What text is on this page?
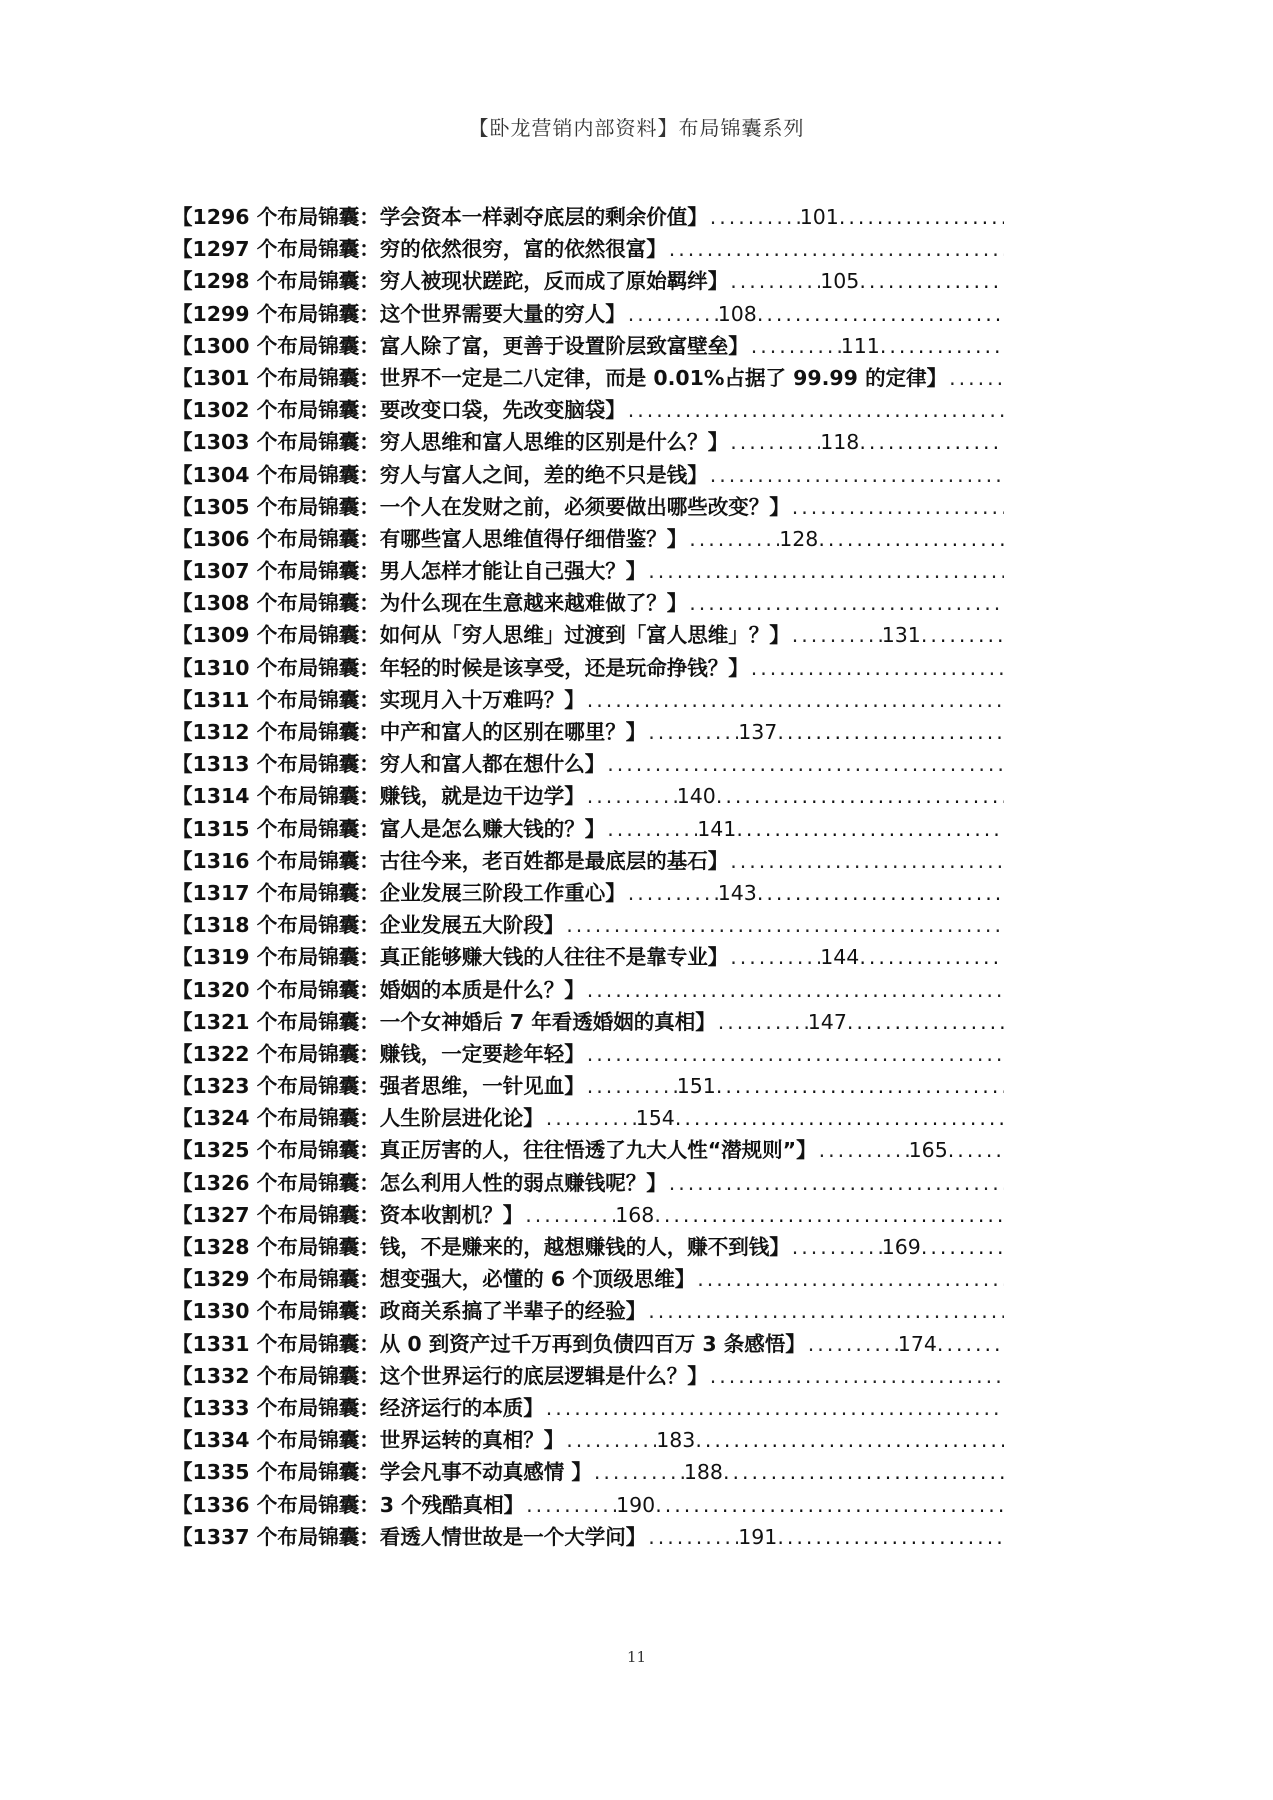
【卧龙营销内部资料】布局锦囊系列
【1296 个布局锦囊：学会资本一样剥夺底层的剩余价值】 .....	101
.....
【1297 个布局锦囊：穷的依然很穷，富的依然很富】
.....
【1298 个布局锦囊：穷人被现状蹉跎，反而成了原始羁绊】 .....	105
.....
【1299 个布局锦囊：这个世界需要大量的穷人】 .....	108
.....
【1300 个布局锦囊：富人除了富，更善于设置阶层致富壁垒】 .....	111
.....
【1301 个布局锦囊：世界不一定是二八定律，而是 0.01%占据了 99.99 的定律】
.....
【1302 个布局锦囊：要改变口袋，先改变脑袋】
.....
【1303 个布局锦囊：穷人思维和富人思维的区别是什么？】 .....	118
.....
【1304 个布局锦囊：穷人与富人之间，差的绝不只是钱】
.....
【1305 个布局锦囊：一个人在发财之前，必须要做出哪些改变？】
.....
【1306 个布局锦囊：有哪些富人思维值得仔细借鉴？】 .....	128
.....
【1307 个布局锦囊：男人怎样才能让自己强大？】
.....
【1308 个布局锦囊：为什么现在生意越来越难做了？】
.....
【1309 个布局锦囊：如何从「穷人思维」过渡到「富人思维」？】 .....	131
.....
【1310 个布局锦囊：年轻的时候是该享受，还是玩命挣钱？】
.....
【1311 个布局锦囊：实现月入十万难吗？】
.....
【1312 个布局锦囊：中产和富人的区别在哪里？】 .....	137
.....
【1313 个布局锦囊：穷人和富人都在想什么】
.....
【1314 个布局锦囊：赚钱，就是边干边学】 .....	140
.....
【1315 个布局锦囊：富人是怎么赚大钱的？】 .....	141
.....
【1316 个布局锦囊：古往今来，老百姓都是最底层的基石】
.....
【1317 个布局锦囊：企业发展三阶段工作重心】 .....	143
.....
【1318 个布局锦囊：企业发展五大阶段】
.....
【1319 个布局锦囊：真正能够赚大钱的人往往不是靠专业】 .....	144
.....
【1320 个布局锦囊：婚姻的本质是什么？】
.....
【1321 个布局锦囊：一个女神婚后 7 年看透婚姻的真相】 .....	147
.....
【1322 个布局锦囊：赚钱，一定要趁年轻】
.....
【1323 个布局锦囊：强者思维，一针见血】 .....	151
.....
【1324 个布局锦囊：人生阶层进化论】 .....	154
.....
【1325 个布局锦囊：真正厉害的人，往往悟透了九大人性“潜规则”】 .....	165
.....
【1326 个布局锦囊：怎么利用人性的弱点赚钱呢？】
.....
【1327 个布局锦囊：资本收割机？】 .....	168
.....
【1328 个布局锦囊：钱，不是赚来的，越想赚钱的人，赚不到钱】 .....	169
.....
【1329 个布局锦囊：想变强大，必懂的 6 个顶级思维】
.....
【1330 个布局锦囊：政商关系搞了半辈子的经验】
.....
【1331 个布局锦囊：从 0 到资产过千万再到负债四百万 3 条感悟】 .....	174
.....
【1332 个布局锦囊：这个世界运行的底层逻辑是什么？】
.....
【1333 个布局锦囊：经济运行的本质】
.....
【1334 个布局锦囊：世界运转的真相？】 .....	183
.....
【1335 个布局锦囊：学会凡事不动真感情 】 .....	188
.....
【1336 个布局锦囊：3 个残酷真相】 .....	190
.....
【1337 个布局锦囊：看透人情世故是一个大学问】 .....	191
.....
11
